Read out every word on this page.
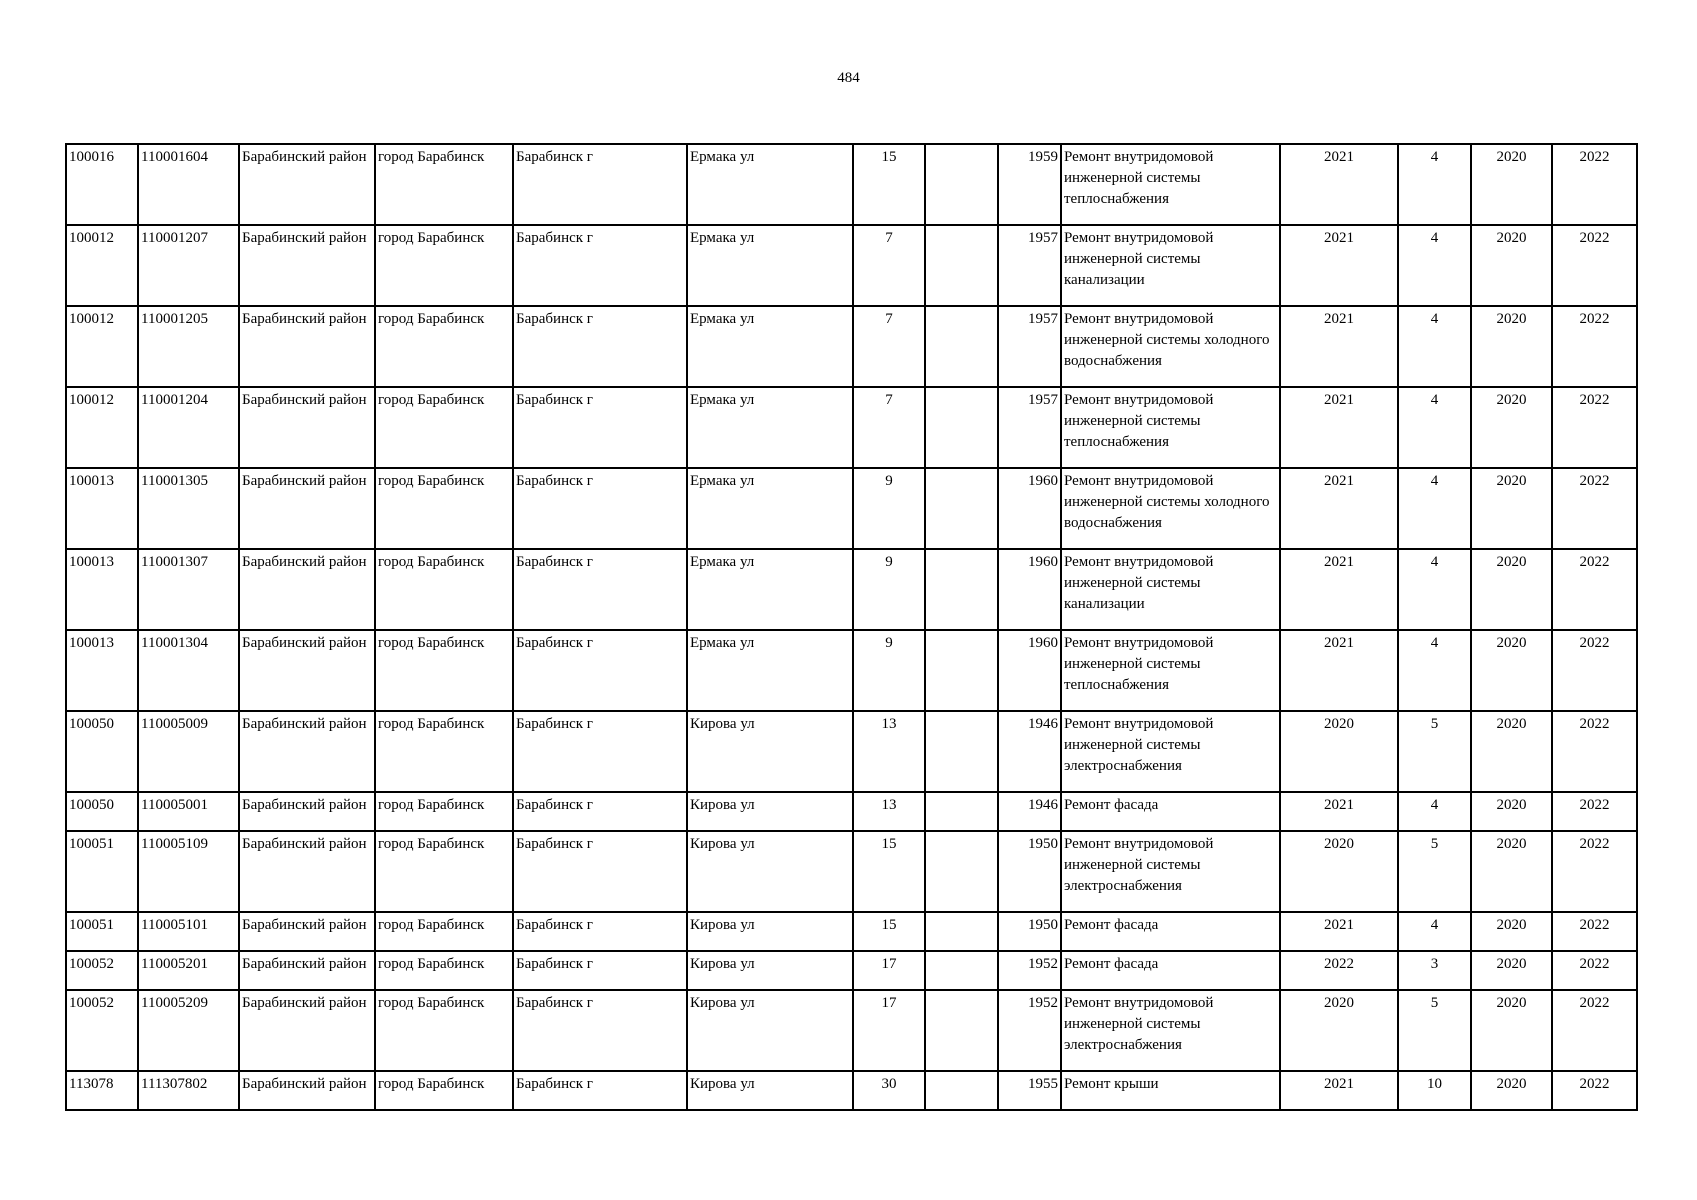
484
100016	110001604	Барабинский район	город Барабинск	Барабинск г	Ермака ул	15		1959	Ремонт внутридомовой инженерной системы теплоснабжения	2021	4	2020	2022
100012	110001207	Барабинский район	город Барабинск	Барабинск г	Ермака ул	7		1957	Ремонт внутридомовой инженерной системы канализации	2021	4	2020	2022
100012	110001205	Барабинский район	город Барабинск	Барабинск г	Ермака ул	7		1957	Ремонт внутридомовой инженерной системы холодного водоснабжения	2021	4	2020	2022
100012	110001204	Барабинский район	город Барабинск	Барабинск г	Ермака ул	7		1957	Ремонт внутридомовой инженерной системы теплоснабжения	2021	4	2020	2022
100013	110001305	Барабинский район	город Барабинск	Барабинск г	Ермака ул	9		1960	Ремонт внутридомовой инженерной системы холодного водоснабжения	2021	4	2020	2022
100013	110001307	Барабинский район	город Барабинск	Барабинск г	Ермака ул	9		1960	Ремонт внутридомовой инженерной системы канализации	2021	4	2020	2022
100013	110001304	Барабинский район	город Барабинск	Барабинск г	Ермака ул	9		1960	Ремонт внутридомовой инженерной системы теплоснабжения	2021	4	2020	2022
100050	110005009	Барабинский район	город Барабинск	Барабинск г	Кирова ул	13		1946	Ремонт внутридомовой инженерной системы электроснабжения	2020	5	2020	2022
100050	110005001	Барабинский район	город Барабинск	Барабинск г	Кирова ул	13		1946	Ремонт фасада	2021	4	2020	2022
100051	110005109	Барабинский район	город Барабинск	Барабинск г	Кирова ул	15		1950	Ремонт внутридомовой инженерной системы электроснабжения	2020	5	2020	2022
100051	110005101	Барабинский район	город Барабинск	Барабинск г	Кирова ул	15		1950	Ремонт фасада	2021	4	2020	2022
100052	110005201	Барабинский район	город Барабинск	Барабинск г	Кирова ул	17		1952	Ремонт фасада	2022	3	2020	2022
100052	110005209	Барабинский район	город Барабинск	Барабинск г	Кирова ул	17		1952	Ремонт внутридомовой инженерной системы электроснабжения	2020	5	2020	2022
113078	111307802	Барабинский район	город Барабинск	Барабинск г	Кирова ул	30		1955	Ремонт крыши	2021	10	2020	2022
